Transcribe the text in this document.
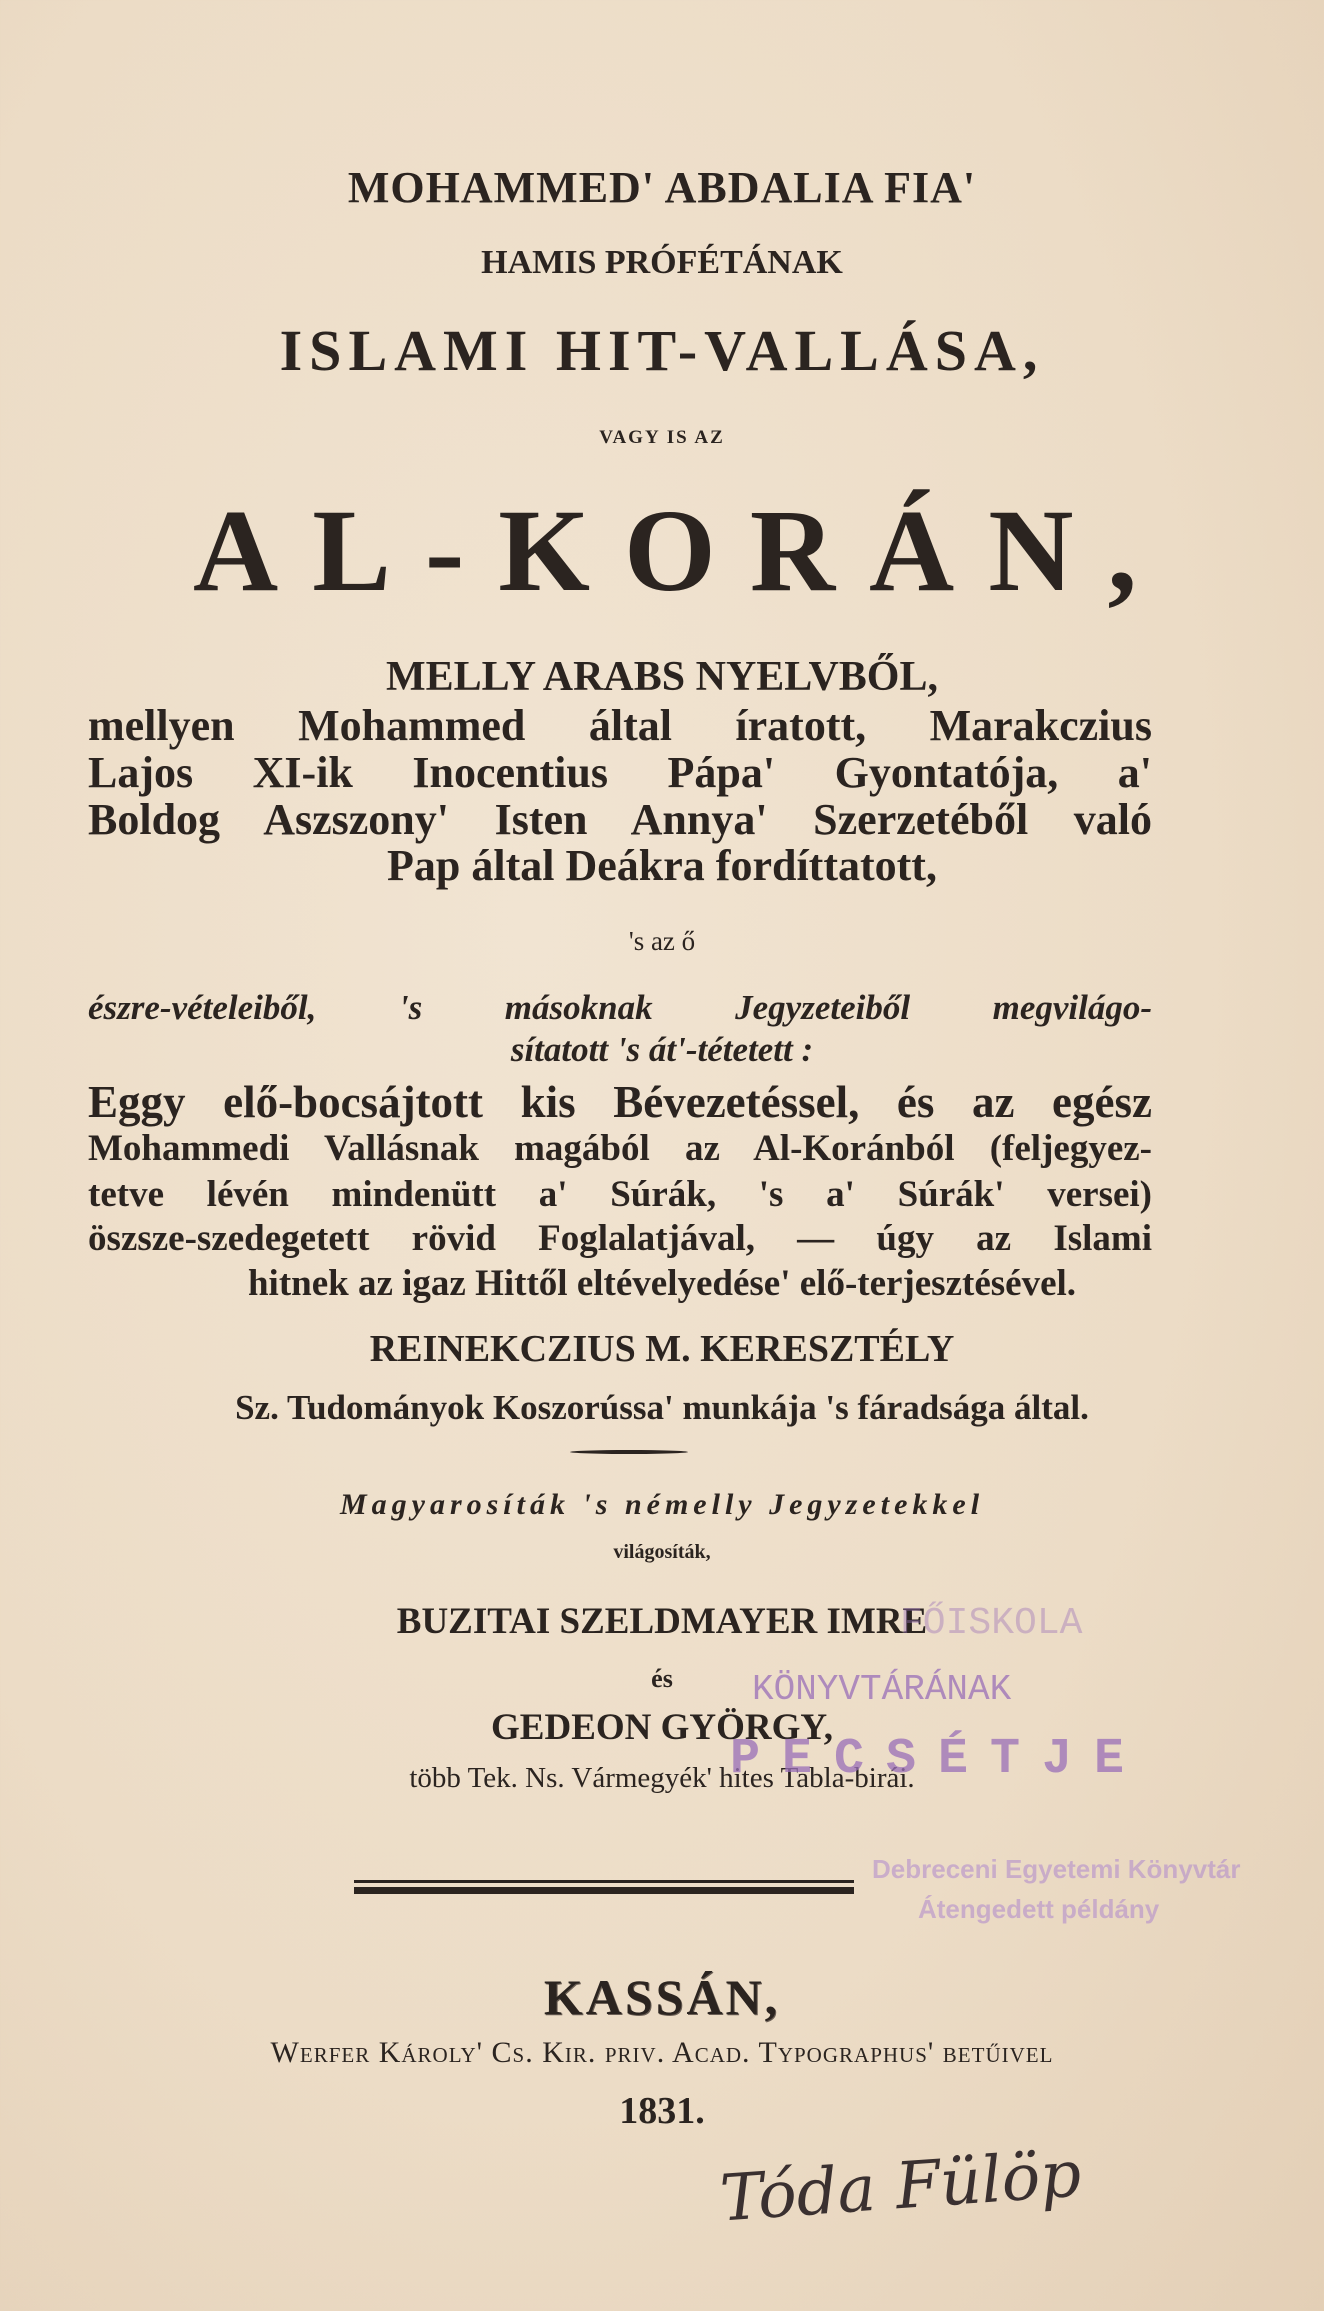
MOHAMMED' ABDALIA FIA'
HAMIS PRÓFÉTÁNAK
ISLAMI HIT-VALLÁSA,
VAGY IS AZ
AL-KORÁN,
MELLY ARABS NYELVBŐL,
mellyen Mohammed által íratott, Marakczius
Lajos XI-ik Inocentius Pápa' Gyontatója, a'
Boldog Aszszony' Isten Annya' Szerzetéből való
Pap által Deákra fordíttatott,
's az ő
észre-vételeiből, 's másoknak Jegyzeteiből megvilágo-
sítatott 's át'-tétetett :
Eggy elő-bocsájtott kis Bévezetéssel, és az egész
Mohammedi Vallásnak magából az Al-Koránból (feljegyez-
tetve lévén mindenütt a' Súrák, 's a' Súrák' versei)
öszsze-szedegetett rövid Foglalatjával, — úgy az Islami
hitnek az igaz Hittől eltévelyedése' elő-terjesztésével.
REINEKCZIUS M. KERESZTÉLY
Sz. Tudományok Koszorússa' munkája 's fáradsága által.
Magyarosíták 's némelly Jegyzetekkel
világosíták,
BUZITAI SZELDMAYER IMRE
és
GEDEON GYÖRGY,
több Tek. Ns. Vármegyék' hites Tabla-birái.
KASSÁN,
Werfer Károly' Cs. Kir. priv. Acad. Typographus' betűivel
1831.
FŐISKOLA
KÖNYVTÁRÁNAK
PECSÉTJE
Debreceni Egyetemi Könyvtár
Átengedett példány
Tóda Fülöp
